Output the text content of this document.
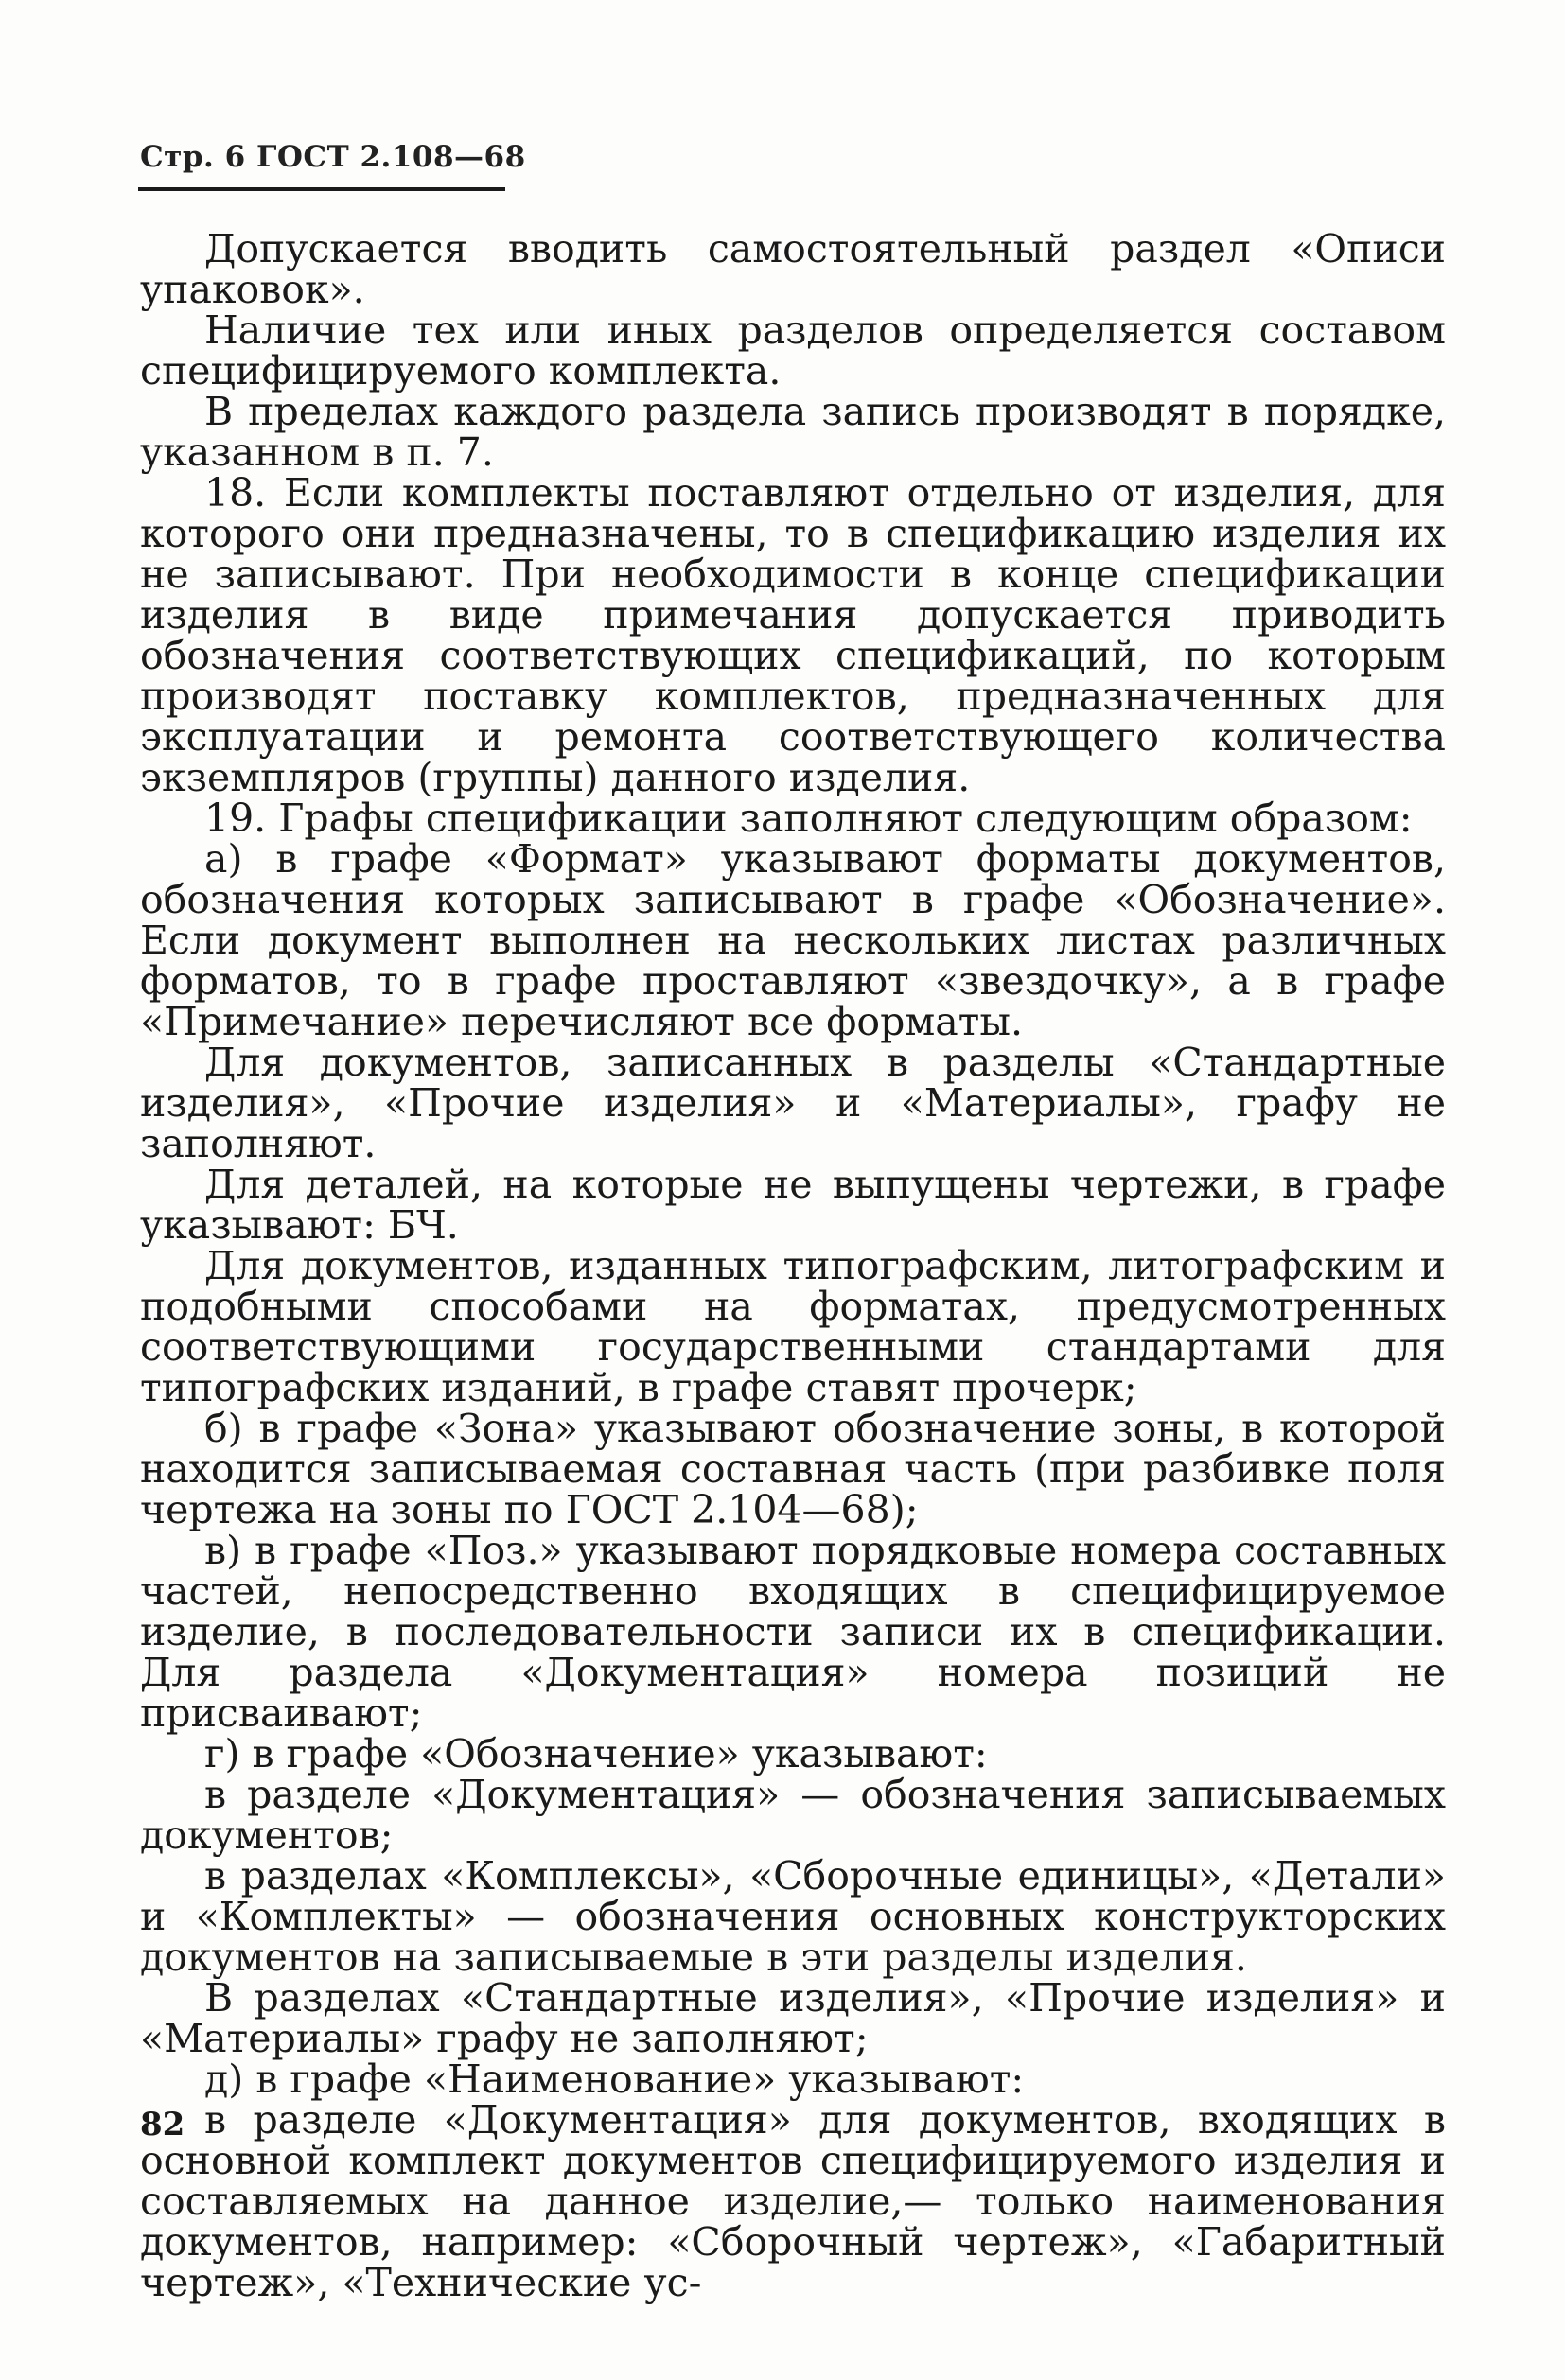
Стр. 6 ГОСТ 2.108—68

Допускается вводить самостоятельный раздел «Описи упаковок».

Наличие тех или иных разделов определяется составом специфицируемого комплекта.

В пределах каждого раздела запись производят в порядке, указанном в п. 7.

18. Если комплекты поставляют отдельно от изделия, для которого они предназначены, то в спецификацию изделия их не записывают. При необходимости в конце спецификации изделия в виде примечания допускается приводить обозначения соответствующих спецификаций, по которым производят поставку комплектов, предназначенных для эксплуатации и ремонта соответствующего количества экземпляров (группы) данного изделия.

19. Графы спецификации заполняют следующим образом:

а) в графе «Формат» указывают форматы документов, обозначения которых записывают в графе «Обозначение». Если документ выполнен на нескольких листах различных форматов, то в графе проставляют «звездочку», а в графе «Примечание» перечисляют все форматы.

Для документов, записанных в разделы «Стандартные изделия», «Прочие изделия» и «Материалы», графу не заполняют.

Для деталей, на которые не выпущены чертежи, в графе указывают: БЧ.

Для документов, изданных типографским, литографским и подобными способами на форматах, предусмотренных соответствующими государственными стандартами для типографских изданий, в графе ставят прочерк;

б) в графе «Зона» указывают обозначение зоны, в которой находится записываемая составная часть (при разбивке поля чертежа на зоны по ГОСТ 2.104—68);

в) в графе «Поз.» указывают порядковые номера составных частей, непосредственно входящих в специфицируемое изделие, в последовательности записи их в спецификации. Для раздела «Документация» номера позиций не присваивают;

г) в графе «Обозначение» указывают:

в разделе «Документация» — обозначения записываемых документов;

в разделах «Комплексы», «Сборочные единицы», «Детали» и «Комплекты» — обозначения основных конструкторских документов на записываемые в эти разделы изделия.

В разделах «Стандартные изделия», «Прочие изделия» и «Материалы» графу не заполняют;

д) в графе «Наименование» указывают:

в разделе «Документация» для документов, входящих в основной комплект документов специфицируемого изделия и составляемых на данное изделие,— только наименования документов, например: «Сборочный чертеж», «Габаритный чертеж», «Технические ус-

82
